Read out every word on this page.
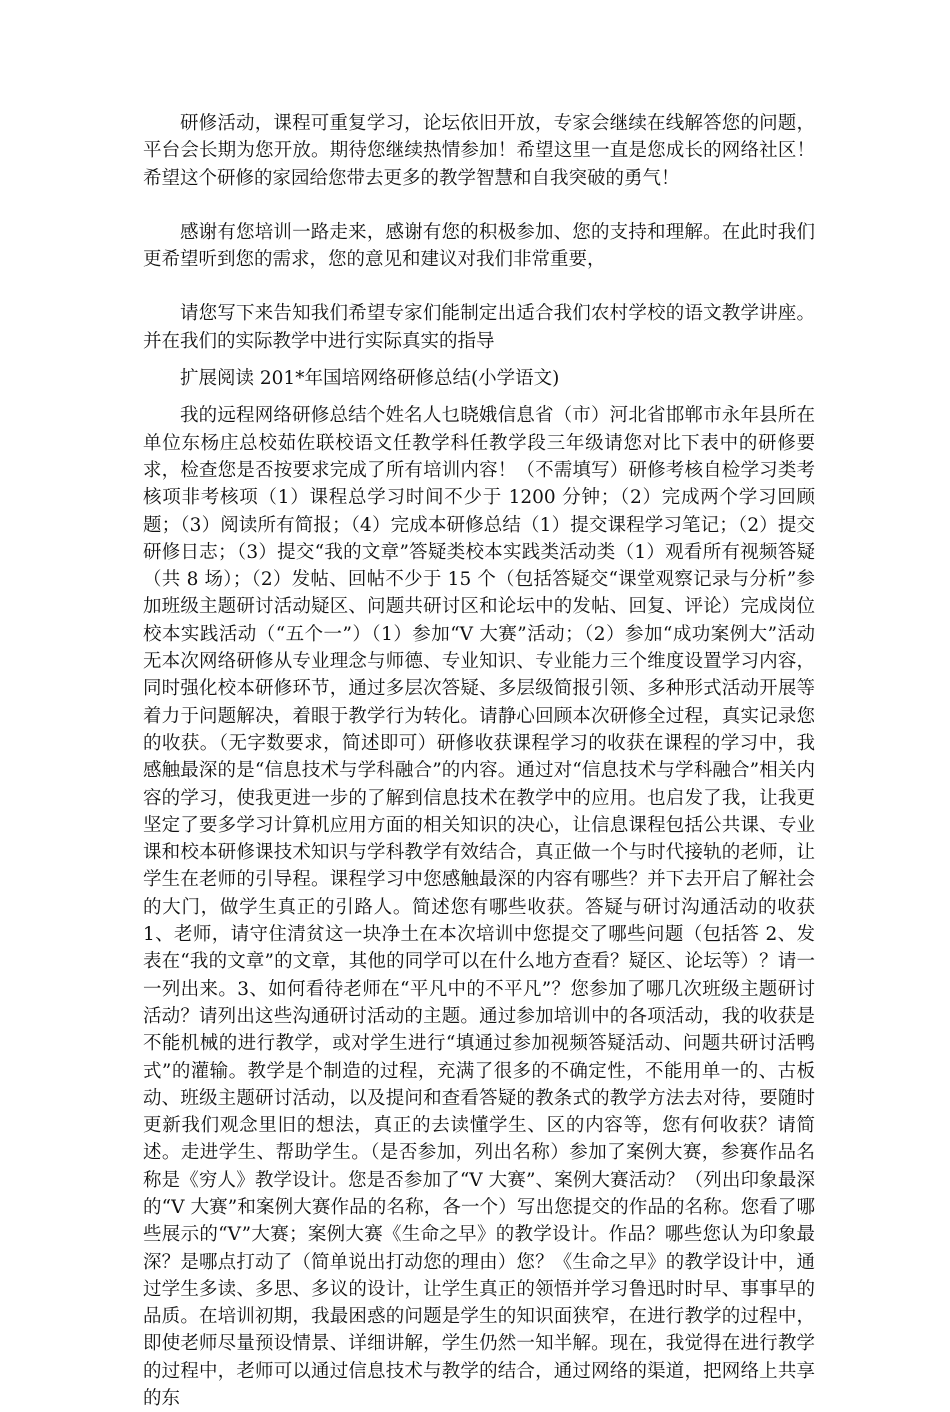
研修活动，课程可重复学习，论坛依旧开放，专家会继续在线解答您的问题，平台会长期为您开放。期待您继续热情参加！希望这里一直是您成长的网络社区！希望这个研修的家园给您带去更多的教学智慧和自我突破的勇气！

感谢有您培训一路走来，感谢有您的积极参加、您的支持和理解。在此时我们更希望听到您的需求，您的意见和建议对我们非常重要，

请您写下来告知我们希望专家们能制定出适合我们农村学校的语文教学讲座。并在我们的实际教学中进行实际真实的指导

扩展阅读 201*年国培网络研修总结(小学语文)

我的远程网络研修总结个姓名人乜晓娥信息省（市）河北省邯郸市永年县所在单位东杨庄总校茹佐联校语文任教学科任教学段三年级请您对比下表中的研修要求，检查您是否按要求完成了所有培训内容！（不需填写）研修考核自检学习类考核项非考核项（1）课程总学习时间不少于 1200 分钟；（2）完成两个学习回顾题；（3）阅读所有简报；（4）完成本研修总结（1）提交课程学习笔记；（2）提交研修日志；（3）提交“我的文章”答疑类校本实践类活动类（1）观看所有视频答疑（共 8 场）；（2）发帖、回帖不少于 15 个（包括答疑交“课堂观察记录与分析”参加班级主题研讨活动疑区、问题共研讨区和论坛中的发帖、回复、评论）完成岗位校本实践活动（“五个一”）（1）参加“V 大赛”活动；（2）参加“成功案例大”活动无本次网络研修从专业理念与师德、专业知识、专业能力三个维度设置学习内容，同时强化校本研修环节，通过多层次答疑、多层级简报引领、多种形式活动开展等着力于问题解决，着眼于教学行为转化。请静心回顾本次研修全过程，真实记录您的收获。（无字数要求，简述即可）研修收获课程学习的收获在课程的学习中，我感触最深的是“信息技术与学科融合”的内容。通过对“信息技术与学科融合”相关内容的学习，使我更进一步的了解到信息技术在教学中的应用。也启发了我，让我更坚定了要多学习计算机应用方面的相关知识的决心，让信息课程包括公共课、专业课和校本研修课技术知识与学科教学有效结合，真正做一个与时代接轨的老师，让学生在老师的引导程。课程学习中您感触最深的内容有哪些？并下去开启了解社会的大门，做学生真正的引路人。简述您有哪些收获。答疑与研讨沟通活动的收获 1、老师，请守住清贫这一块净土在本次培训中您提交了哪些问题（包括答 2、发表在“我的文章”的文章，其他的同学可以在什么地方查看？疑区、论坛等）？请一一列出来。3、如何看待老师在“平凡中的不平凡”？您参加了哪几次班级主题研讨活动？请列出这些沟通研讨活动的主题。通过参加培训中的各项活动，我的收获是不能机械的进行教学，或对学生进行“填通过参加视频答疑活动、问题共研讨活鸭式”的灌输。教学是个制造的过程，充满了很多的不确定性，不能用单一的、古板动、班级主题研讨活动，以及提问和查看答疑的教条式的教学方法去对待，要随时更新我们观念里旧的想法，真正的去读懂学生、区的内容等，您有何收获？请简述。走进学生、帮助学生。（是否参加，列出名称）参加了案例大赛，参赛作品名称是《穷人》教学设计。您是否参加了“V 大赛”、案例大赛活动？（列出印象最深的“V 大赛”和案例大赛作品的名称，各一个）写出您提交的作品的名称。您看了哪些展示的“V”大赛；案例大赛《生命之早》的教学设计。作品？哪些您认为印象最深？是哪点打动了（简单说出打动您的理由）您？《生命之早》的教学设计中，通过学生多读、多思、多议的设计，让学生真正的领悟并学习鲁迅时时早、事事早的品质。在培训初期，我最困惑的问题是学生的知识面狭窄，在进行教学的过程中，即使老师尽量预设情景、详细讲解，学生仍然一知半解。现在，我觉得在进行教学的过程中，老师可以通过信息技术与教学的结合，通过网络的渠道，把网络上共享的东
